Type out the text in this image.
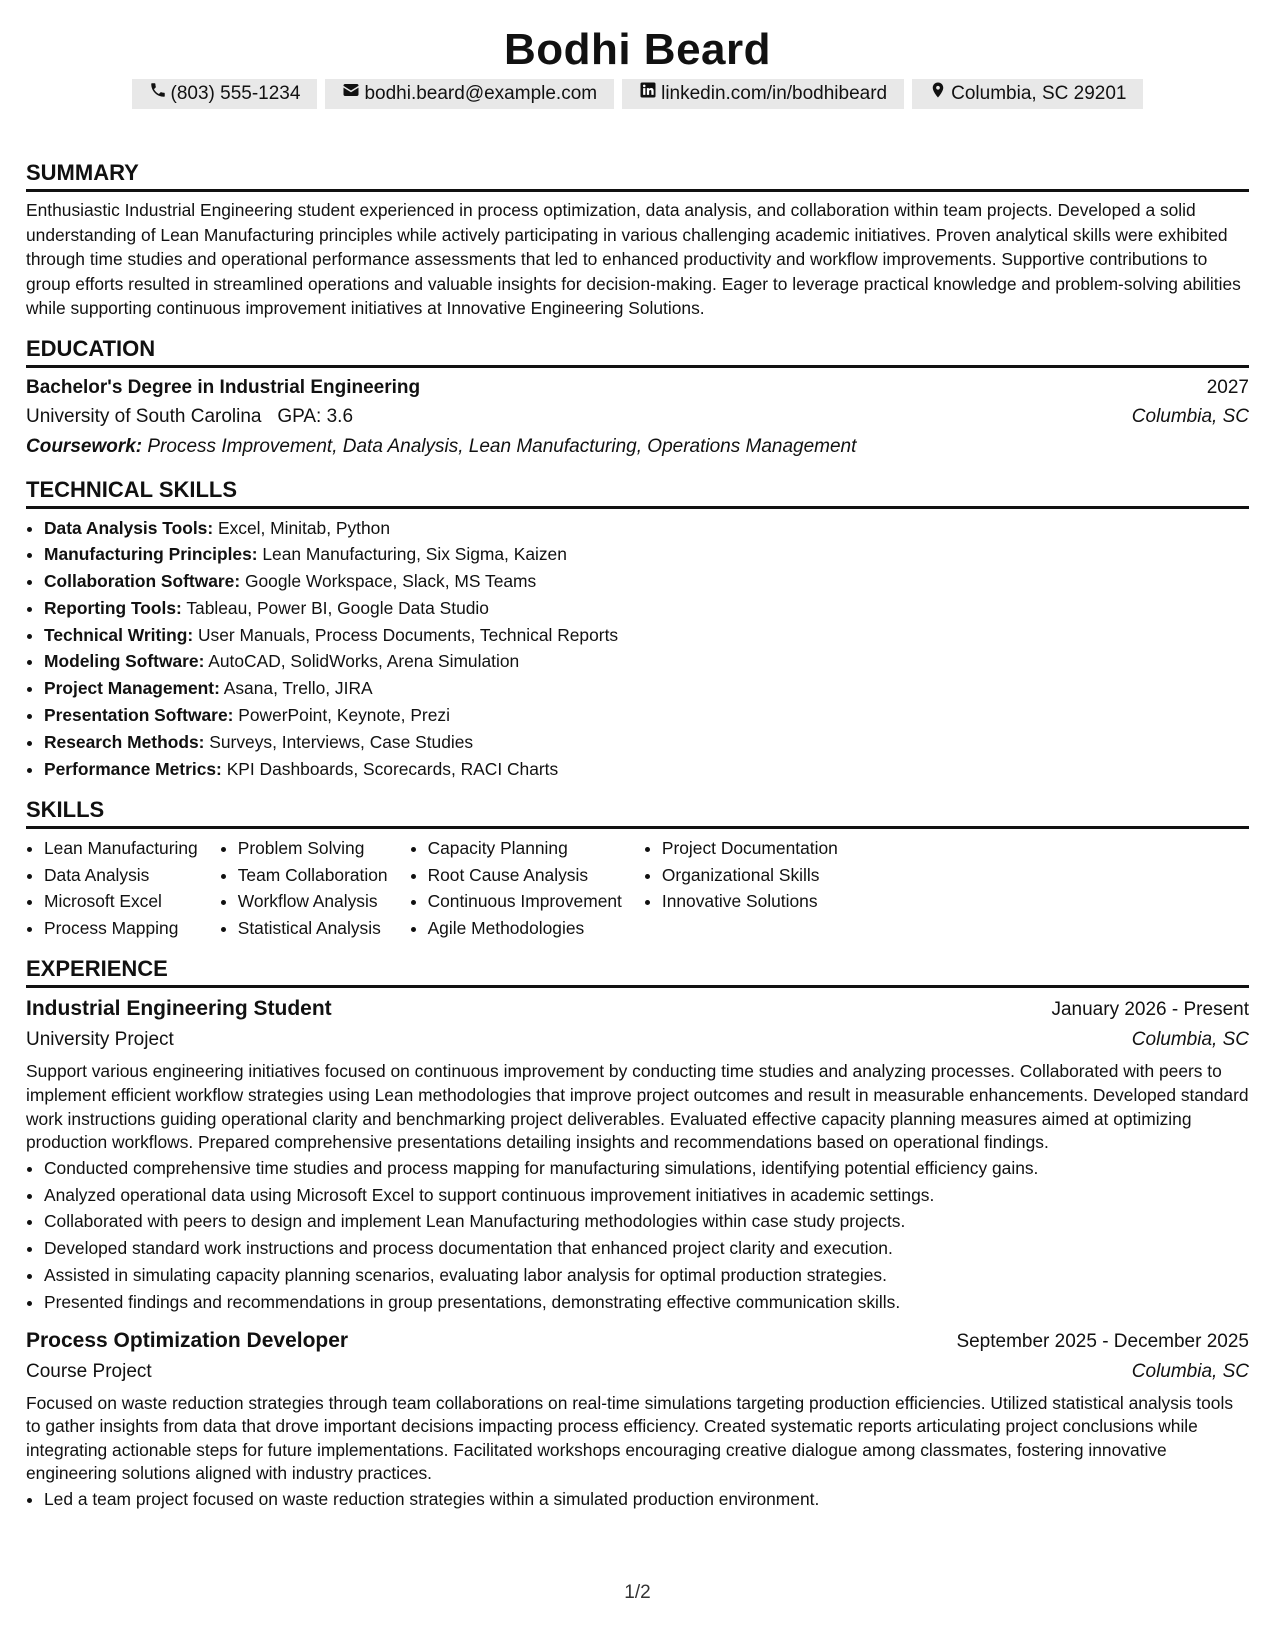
Bodhi Beard
(803) 555-1234	bodhi.beard@example.com	linkedin.com/in/bodhibeard	Columbia, SC 29201
SUMMARY

Enthusiastic Industrial Engineering student experienced in process optimization, data analysis, and collaboration within team projects. Developed a solid understanding of Lean Manufacturing principles while actively participating in various challenging academic initiatives. Proven analytical skills were exhibited through time studies and operational performance assessments that led to enhanced productivity and workflow improvements. Supportive contributions to group efforts resulted in streamlined operations and valuable insights for decision-making. Eager to leverage practical knowledge and problem-solving abilities while supporting continuous improvement initiatives at Innovative Engineering Solutions.

EDUCATION
Bachelor's Degree in Industrial Engineering	2027
University of South Carolina GPA: 3.6	Columbia, SC
Coursework: Process Improvement, Data Analysis, Lean Manufacturing, Operations Management
TECHNICAL SKILLS
• Data Analysis Tools: Excel, Minitab, Python
• Manufacturing Principles: Lean Manufacturing, Six Sigma, Kaizen
• Collaboration Software: Google Workspace, Slack, MS Teams
• Reporting Tools: Tableau, Power BI, Google Data Studio
• Technical Writing: User Manuals, Process Documents, Technical Reports
• Modeling Software: AutoCAD, SolidWorks, Arena Simulation
• Project Management: Asana, Trello, JIRA
• Presentation Software: PowerPoint, Keynote, Prezi
• Research Methods: Surveys, Interviews, Case Studies
• Performance Metrics: KPI Dashboards, Scorecards, RACI Charts
SKILLS
• Lean Manufacturing
• Data Analysis
• Microsoft Excel
• Process Mapping
• Problem Solving
• Team Collaboration
• Workflow Analysis
• Statistical Analysis
• Capacity Planning
• Root Cause Analysis
• Continuous Improvement
• Agile Methodologies
• Project Documentation
• Organizational Skills
• Innovative Solutions
EXPERIENCE
Industrial Engineering Student	January 2026 - Present
University Project	Columbia, SC

Support various engineering initiatives focused on continuous improvement by conducting time studies and analyzing processes. Collaborated with peers to implement efficient workflow strategies using Lean methodologies that improve project outcomes and result in measurable enhancements. Developed standard work instructions guiding operational clarity and benchmarking project deliverables. Evaluated effective capacity planning measures aimed at optimizing production workflows. Prepared comprehensive presentations detailing insights and recommendations based on operational findings.

• Conducted comprehensive time studies and process mapping for manufacturing simulations, identifying potential efficiency gains.
• Analyzed operational data using Microsoft Excel to support continuous improvement initiatives in academic settings.
• Collaborated with peers to design and implement Lean Manufacturing methodologies within case study projects.
• Developed standard work instructions and process documentation that enhanced project clarity and execution.
• Assisted in simulating capacity planning scenarios, evaluating labor analysis for optimal production strategies.
• Presented findings and recommendations in group presentations, demonstrating effective communication skills.
Process Optimization Developer	September 2025 - December 2025
Course Project	Columbia, SC

Focused on waste reduction strategies through team collaborations on real-time simulations targeting production efficiencies. Utilized statistical analysis tools to gather insights from data that drove important decisions impacting process efficiency. Created systematic reports articulating project conclusions while integrating actionable steps for future implementations. Facilitated workshops encouraging creative dialogue among classmates, fostering innovative engineering solutions aligned with industry practices.

• Led a team project focused on waste reduction strategies within a simulated production environment.
1/2
